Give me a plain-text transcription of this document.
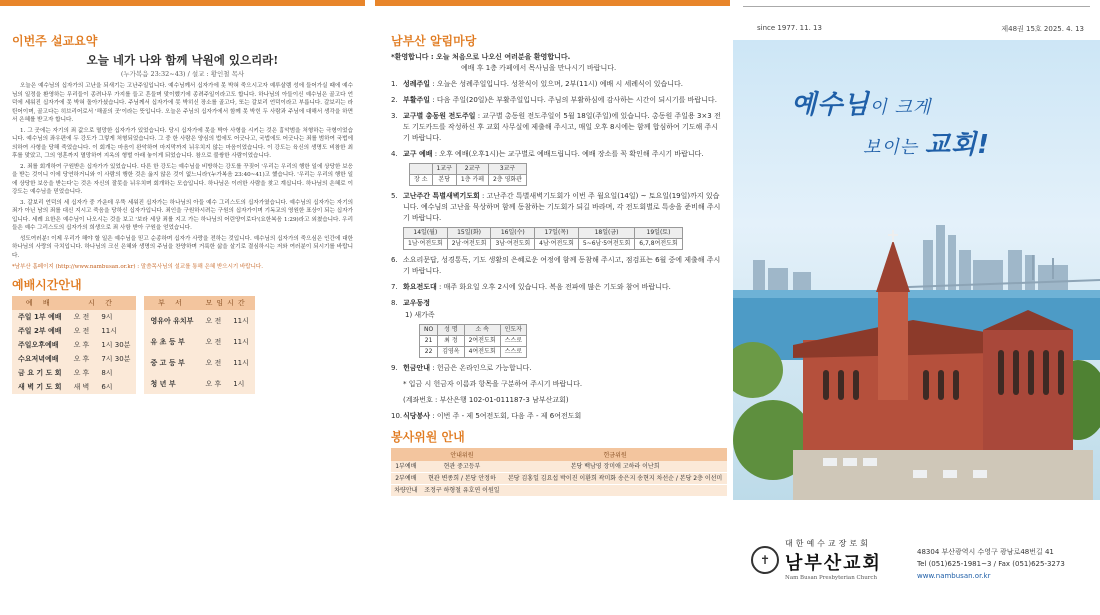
이번주 설교요약
오늘 네가 나와 함께 낙원에 있으리라!
(누가복음 23:32~43) / 설교 : 황인철 목사

오늘은 예수님의 십자가의 고난을 되새기는 고난주일입니다. 예수님께서 십자가에 못 박혀 죽으시고자 예루살렘 성에 들어가실 때에 예수님의 일정을 환영하는 무리들이 종려나무 가지를 들고 흔들며 맞이했기에 종려주일이라고도 합니다. 하나님의 아들이신 예수님은 골고다 언덕에 세워진 십자가에 못 박혀 돌아가셨습니다. 주님께서 십자가에 못 박히신 장소를 골고다, 또는 갈보리 언덕이라고 부릅니다. 갈보리는 라틴어이며, 골고다는 히브리어로서 '해골의 곳'이라는 뜻입니다. 오늘은 주님의 십자가에서 함께 못 박힌 두 사람과 주님에 대해서 생각을 하면서 은혜를 받고자 합니다.

1. 그 곳에는 자기의 죄 값으로 멸망한 십자가가 있었습니다. 당시 십자가에 못을 박아 사형을 시키는 것은 흉악범을 처형하는 극형이었습니다. 예수님의 좌우편에 두 강도가 그렇게 처형되었습니다. 그 중 한 사람은 양심의 법에도 어긋나고, 국법에도 어긋나는 죄를 범하여 국법에 의하여 사형을 당해 죽었습니다. 이 회개는 마음이 완악하여 마지막까지 뉘우치지 않는 마음이었습니다. 이 강도는 육신의 생명도 비참한 최후를 맞았고, 그의 영혼까지 멸망하여 지옥의 형벌 아래 놓이게 되었습니다. 참으로 불쌍한 사람이었습니다.

2. 죄를 회개하여 구원받은 십자가가 있었습니다. 다른 한 강도는 예수님을 비방하는 강도를 꾸짖어 '우리는 우리의 행한 일에 상당한 보응을 받는 것이니 이에 당연하거니와 이 사람의 행한 것은 옳지 않은 것이 없느니라'(누가복음 23:40~41)고 했습니다. '우리는 우리의 행한 일에 상당한 보응을 받는다'는 것은 자신의 잘못을 뉘우치며 회개하는 모습입니다. 하나님은 이러한 사람을 찾고 계십니다. 하나님의 은혜로 이 강도는 예수님을 믿었습니다.

3. 갈보리 언덕의 세 십자가 중 가운데 우뚝 세워진 십자가는 하나님의 아들 예수 그리스도의 십자가였습니다. 예수님의 십자가는 자기의 죄가 아닌 남의 죄를 대신 지시고 죽음을 당하신 십자가입니다. 죄인을 구원하시려는 구원의 십자가이며 기독교의 영원한 표상이 되는 십자가입니다. 세례 요한은 예수님이 나오시는 것을 보고 '보라 세상 죄를 지고 가는 하나님의 어린양이로다'(요한복음 1:29)라고 외쳤습니다. 우리들은 예수 그리스도의 십자가의 희생으로 죄 사함 받아 구원을 얻었습니다.

성도여러분! 이제 우리가 해야 할 일은 예수님을 믿고 순종하며 십자가 사랑을 전하는 것입니다. 예수님의 십자가의 죽으심은 인간에 대한 하나님의 사랑의 극치입니다. 하나님의 크신 은혜와 생명의 주님을 찬양하며 거룩한 삶을 살기로 결심하시는 저와 여러분이 되시기를 바랍니다.

*남부산 홈페이지 (http://www.nambusan.or.kr) : 말씀목사님의 설교를 통해 은혜 받으시기 바랍니다.
예배시간안내
예 배	시 간	
주일 1부 예배	오 전	9시
주일 2부 예배	오 전	11시
주일오후예배	오 후	1시 30분
수요저녁예배	오 후	7시 30분
금 요 기 도 회	오 후	8시
새 벽 기 도 회	새 벽	6시
부 서	모임시간	
영유아 유치부	오 전	11시
유 초 등 부	오 전	11시
중 고 등 부	오 전	11시
청 년 부	오 후	1시
남부산 알림마당
*환영합니다 : 오늘 처음으로 나오신 여러분을 환영합니다.
예배 후 1층 카페에서 목사님을 만나시기 바랍니다.
1. 성례주일 : 오늘은 성례주일입니다. 성찬식이 있으며, 2부(11시) 예배 시 세례식이 있습니다.
2. 부활주일 : 다음 주일(20일)은 부활주일입니다. 주님의 부활하심에 감사하는 시간이 되시기를 바랍니다.
3. 교구별 총동원 전도주일 : 교구별 총동원 전도주일이 5월 18일(주일)에 있습니다. 총동원 주일용 3×3 전도 기도카드를 작성하신 후 교회 사무실에 제출해 주시고, 매일 오후 8시에는 함께 합심하여 기도해 주시기 바랍니다.
4. 교구 예배 : 오후 예배(오후1시)는 교구별로 예배드립니다. 예배 장소를 꼭 확인해 주시기 바랍니다.
	1교구	2교구	3교구
장 소	본당	1층 카페	2층 영화관
5. 고난주간 특별새벽기도회 : 고난주간 특별새벽기도회가 이번 주 월요일(14일) ~ 토요일(19일)까지 있습니다. 예수님의 고난을 묵상하며 함께 동참하는 기도회가 되길 바라며, 각 전도회별로 특송을 준비해 주시기 바랍니다.
14일(월)	15일(화)	16일(수)	17일(목)	18일(금)	19일(토)
1남·여전도회	2남·여전도회	3남·여전도회	4남·여전도회	5~6남·5여전도회	6,7,8여전도회
6. 소요리문답, 성경통독, 기도 생활의 은혜로운 여정에 함께 동참해 주시고, 점검표는 6월 중에 제출해 주시기 바랍니다.
7. 화요전도대 : 매주 화요일 오후 2시에 있습니다. 복음 전파에 많은 기도와 참여 바랍니다.
8. 교우동정
1) 새가족
NO	성 명	소 속	인도자
21	최 정	2여전도회	스스로
22	김영옥	4여전도회	스스로
9. 헌금안내 : 헌금은 온라인으로 가능합니다.
* 입금 시 헌금자 이름과 항목을 구분하여 주시기 바랍니다.
(계좌번호 : 부산은행 102-01-011187-3 남부산교회)
10. 식당봉사 : 이번 주 - 제 5여전도회, 다음 주 - 제 6여전도회
봉사위원 안내
	안내위원	헌금위원
1부예배	현관 중고등부	본당 백남영 장미애 고하라 이난희
2부예배	현관 변종희 / 본당 안정하	본당 김홍일 김요섭 박이진 이환희 곽미화 송은지 송현지 차선순 / 본당 2층 이선미
차량안내	조정구 하형철 유호연 이원일	
since 1977. 11. 13	제48권 15호 2025. 4. 13
예수님이 크게
보이는 교회!
✝
대한예수교장로회
남부산교회
Nam Busan Presbyterian Church
48304 부산광역시 수영구 광남로48번길 41
Tel (051)625-1981~3 / Fax (051)625-3273
www.nambusan.or.kr
